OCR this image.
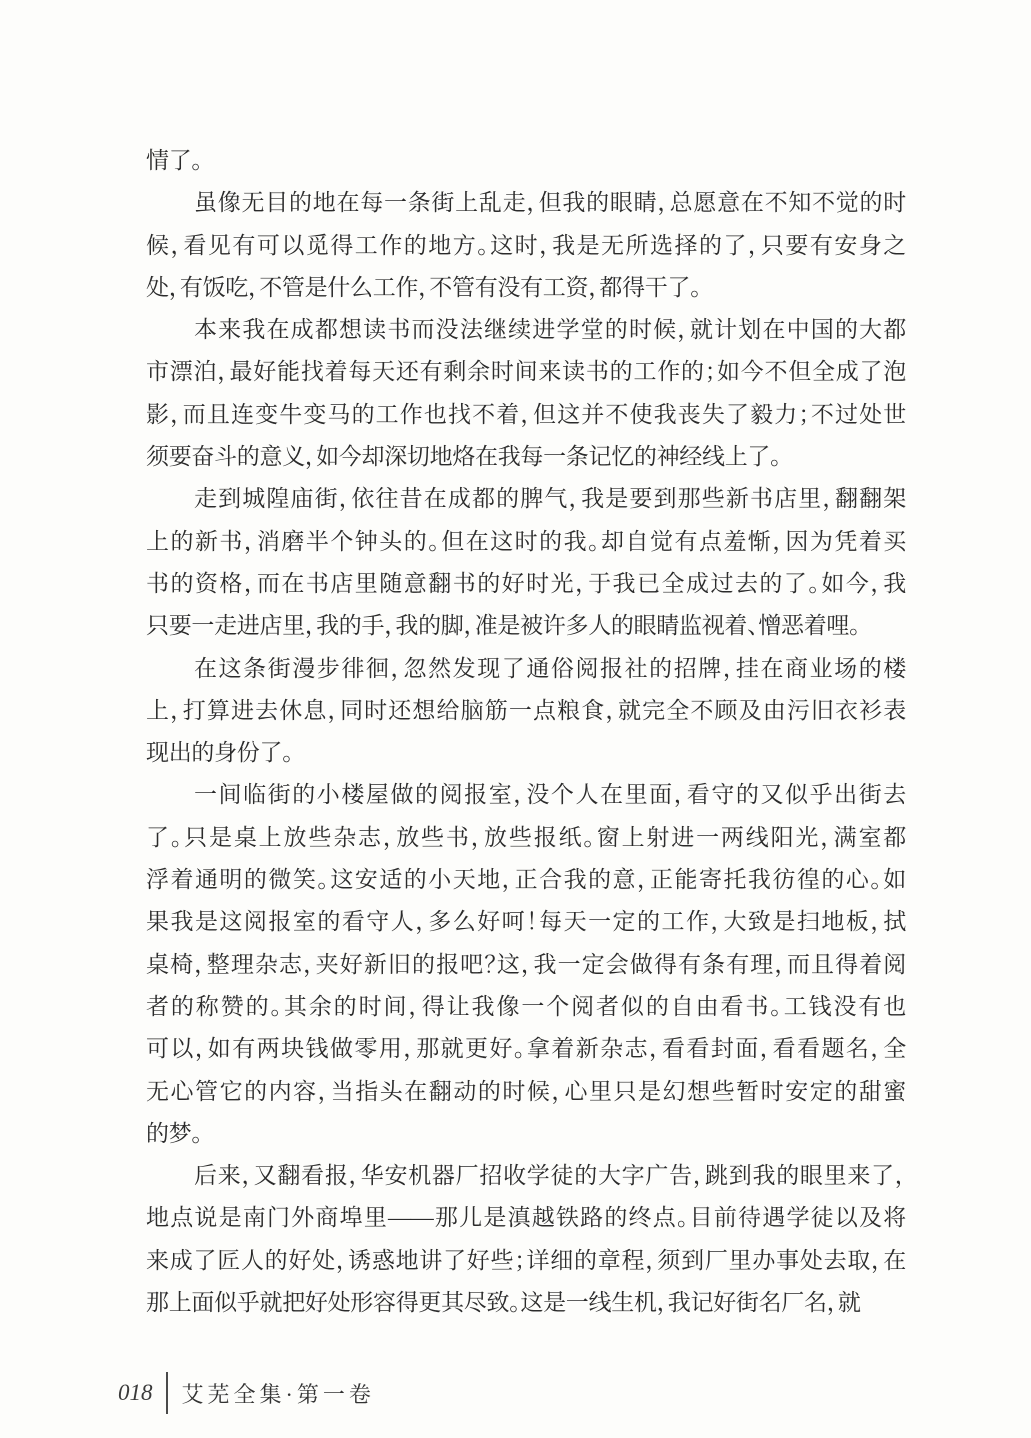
情了。
虽像无目的地在每一条街上乱走，但我的眼睛，总愿意在不知不觉的时
候，看见有可以觅得工作的地方。这时，我是无所选择的了，只要有安身之
处，有饭吃，不管是什么工作，不管有没有工资，都得干了。
本来我在成都想读书而没法继续进学堂的时候，就计划在中国的大都
市漂泊，最好能找着每天还有剩余时间来读书的工作的；如今不但全成了泡
影，而且连变牛变马的工作也找不着，但这并不使我丧失了毅力；不过处世
须要奋斗的意义，如今却深切地烙在我每一条记忆的神经线上了。
走到城隍庙街，依往昔在成都的脾气，我是要到那些新书店里，翻翻架
上的新书，消磨半个钟头的。但在这时的我。却自觉有点羞惭，因为凭着买
书的资格，而在书店里随意翻书的好时光，于我已全成过去的了。如今，我
只要一走进店里，我的手，我的脚，准是被许多人的眼睛监视着、憎恶着哩。
在这条街漫步徘徊，忽然发现了通俗阅报社的招牌，挂在商业场的楼
上，打算进去休息，同时还想给脑筋一点粮食，就完全不顾及由污旧衣衫表
现出的身份了。
一间临街的小楼屋做的阅报室，没个人在里面，看守的又似乎出街去
了。只是桌上放些杂志，放些书，放些报纸。窗上射进一两线阳光，满室都
浮着通明的微笑。这安适的小天地，正合我的意，正能寄托我彷徨的心。如
果我是这阅报室的看守人，多么好呵！每天一定的工作，大致是扫地板，拭
桌椅，整理杂志，夹好新旧的报吧？这，我一定会做得有条有理，而且得着阅
者的称赞的。其余的时间，得让我像一个阅者似的自由看书。工钱没有也
可以，如有两块钱做零用，那就更好。拿着新杂志，看看封面，看看题名，全
无心管它的内容，当指头在翻动的时候，心里只是幻想些暂时安定的甜蜜
的梦。
后来，又翻看报，华安机器厂招收学徒的大字广告，跳到我的眼里来了，
地点说是南门外商埠里——那儿是滇越铁路的终点。目前待遇学徒以及将
来成了匠人的好处，诱惑地讲了好些；详细的章程，须到厂里办事处去取，在
那上面似乎就把好处形容得更其尽致。这是一线生机，我记好街名厂名，就
018	艾芜全集·第一卷
